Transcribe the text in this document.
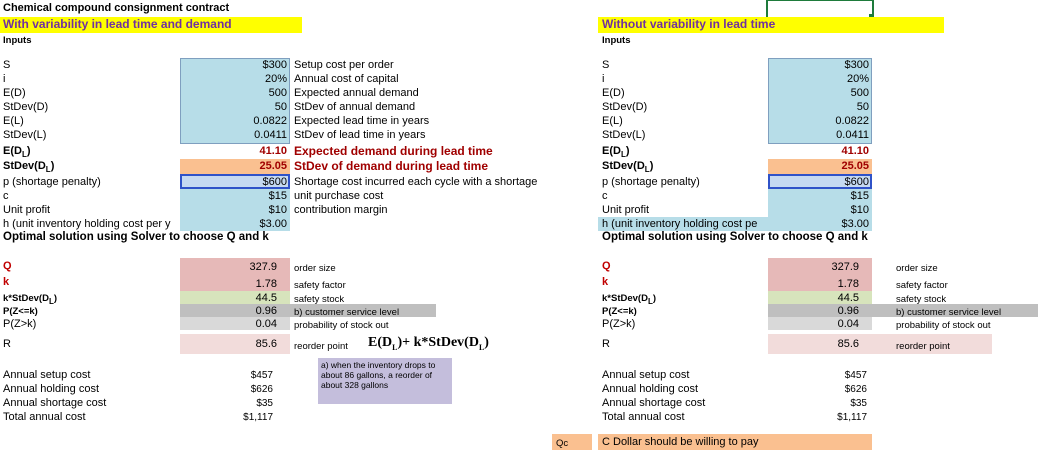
Chemical compound consignment contract
With variability in lead time and demand
Inputs
S	$300 Setup cost per order
i	20% Annual cost of capital
E(D)	500 Expected annual demand
StDev(D)	50 StDev of annual demand
E(L)	0.0822 Expected lead time in years
StDev(L)	0.0411 StDev of lead time in years
$E(D_L)$	41.10 Expected demand during lead time
$StDev(D_L)$	25.05 StDev of demand during lead time
p (shortage penalty)	$600 Shortage cost incurred each cycle with a shortage
c	$15 unit purchase cost
Unit profit	$10 contribution margin
h (unit inventory holding cost per y	$3.00
Optimal solution using Solver to choose Q and k
Q	327.9 order size
k	1.78 safety factor
$k*StDev(D_L)$	44.5 safety stock
P(Z<=k)	0.96 b) customer service level
P(Z>k)	0.04 probability of stock out
R	85.6 reorder point $E(D_L)+$ $k*StDev(D_L)$
a) when the inventory drops to about 86 gallons, a reorder of about 328 gallons
Annual setup cost	$457
Annual holding cost	$626
Annual shortage cost	$35
Total annual cost	$1,117
Without variability in lead time
Inputs
S	$300
i	20%
E(D)	500
StDev(D)	50
E(L)	0.0822
StDev(L)	0.0411
$E(D_L)$	41.10
$StDev(D_L)$	25.05
p (shortage penalty)	$600
c	$15
Unit profit	$10
h (unit inventory holding cost pe	$3.00
Optimal solution using Solver to choose Q and k
Q	327.9	order size
k	1.78	safety factor
$k*StDev(D_L)$	44.5	safety stock
P(Z<=k)	0.96	b) customer service level
P(Z>k)	0.04	probability of stock out
R	85.6	reorder point
Annual setup cost	$457
Annual holding cost	$626
Annual shortage cost	$35
Total annual cost	$1,117
Qc	C Dollar should be willing to pay
